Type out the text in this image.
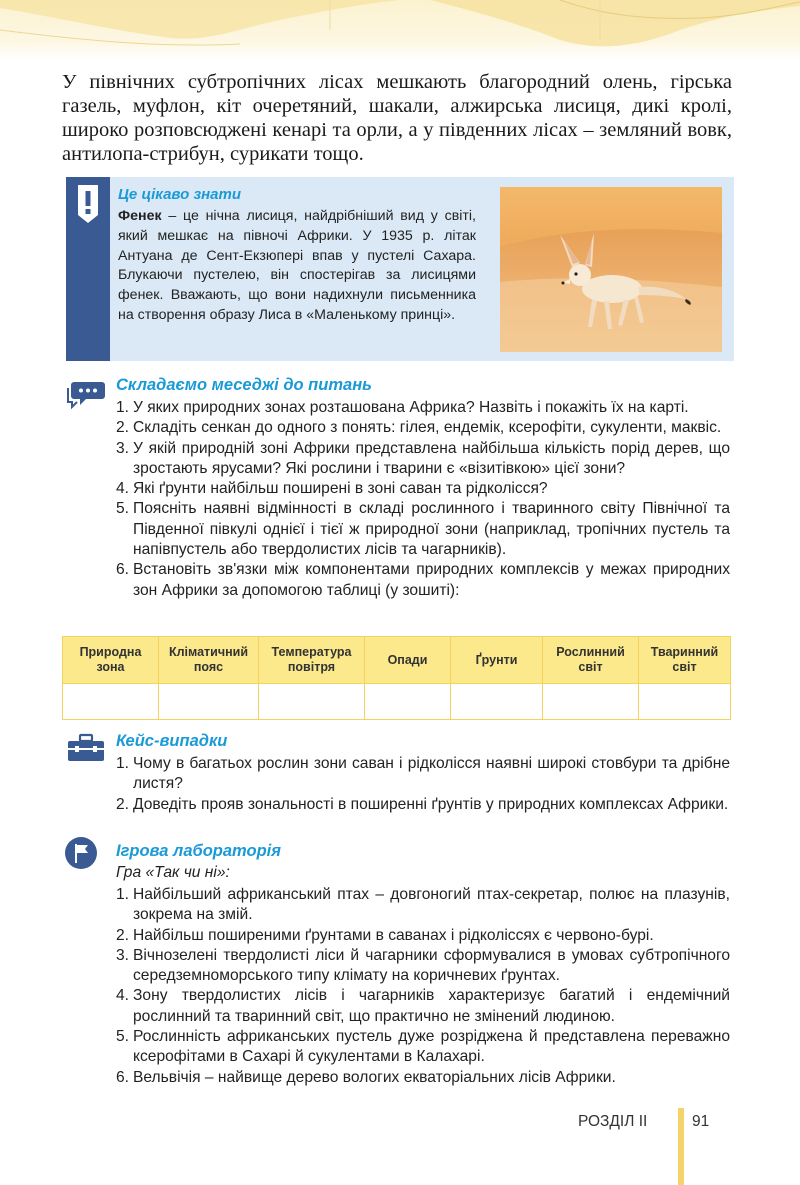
У північних субтропічних лісах мешкають благородний олень, гірська газель, муфлон, кіт очеретяний, шакали, алжирська лисиця, дикі кролі, широко розповсюджені кенарі та орли, а у південних лісах – земляний вовк, антилопа-стрибун, сурикати тощо.

Це цікаво знати
Фенек – це нічна лисиця, найдрібніший вид у світі, який мешкає на півночі Африки. У 1935 р. літак Антуана де Сент-Екзюпері впав у пустелі Сахара. Блукаючи пустелею, він спостерігав за лисицями фенек. Вважають, що вони надихнули письменника на створення образу Лиса в «Маленькому принці».
Складаємо меседжі до питань
1. У яких природних зонах розташована Африка? Назвіть і покажіть їх на карті.
2. Складіть сенкан до одного з понять: гілея, ендемік, ксерофіти, сукуленти, маквіс.
3. У якій природній зоні Африки представлена найбільша кількість порід дерев, що зростають ярусами? Які рослини і тварини є «візитівкою» цієї зони?
4. Які ґрунти найбільш поширені в зоні саван та рідколісся?
5. Поясніть наявні відмінності в складі рослинного і тваринного світу Північної та Південної півкулі однієї і тієї ж природної зони (наприклад, тропічних пустель та напівпустель або твердолистих лісів та чагарників).
6. Встановіть зв'язки між компонентами природних комплексів у межах природних зон Африки за допомогою таблиці (у зошиті):
Природна зона	Кліматичний пояс	Температура повітря	Опади	Ґрунти	Рослинний світ	Тваринний світ

Кейс-випадки
1. Чому в багатьох рослин зони саван і рідколісся наявні широкі стовбури та дрібне листя?
2. Доведіть прояв зональності в поширенні ґрунтів у природних комплексах Африки.
Ігрова лабораторія
Гра «Так чи ні»:
1. Найбільший африканський птах – довгоногий птах-секретар, полює на плазунів, зокрема на змій.
2. Найбільш поширеними ґрунтами в саванах і рідколіссях є червоно-бурі.
3. Вічнозелені твердолисті ліси й чагарники сформувалися в умовах субтропічного середземноморського типу клімату на коричневих ґрунтах.
4. Зону твердолистих лісів і чагарників характеризує багатий і ендемічний рослинний та тваринний світ, що практично не змінений людиною.
5. Рослинність африканських пустель дуже розріджена й представлена переважно ксерофітами в Сахарі й сукулентами в Калахарі.
6. Вельвічія – найвище дерево вологих екваторіальних лісів Африки.
РОЗДІЛ ІІ	91
